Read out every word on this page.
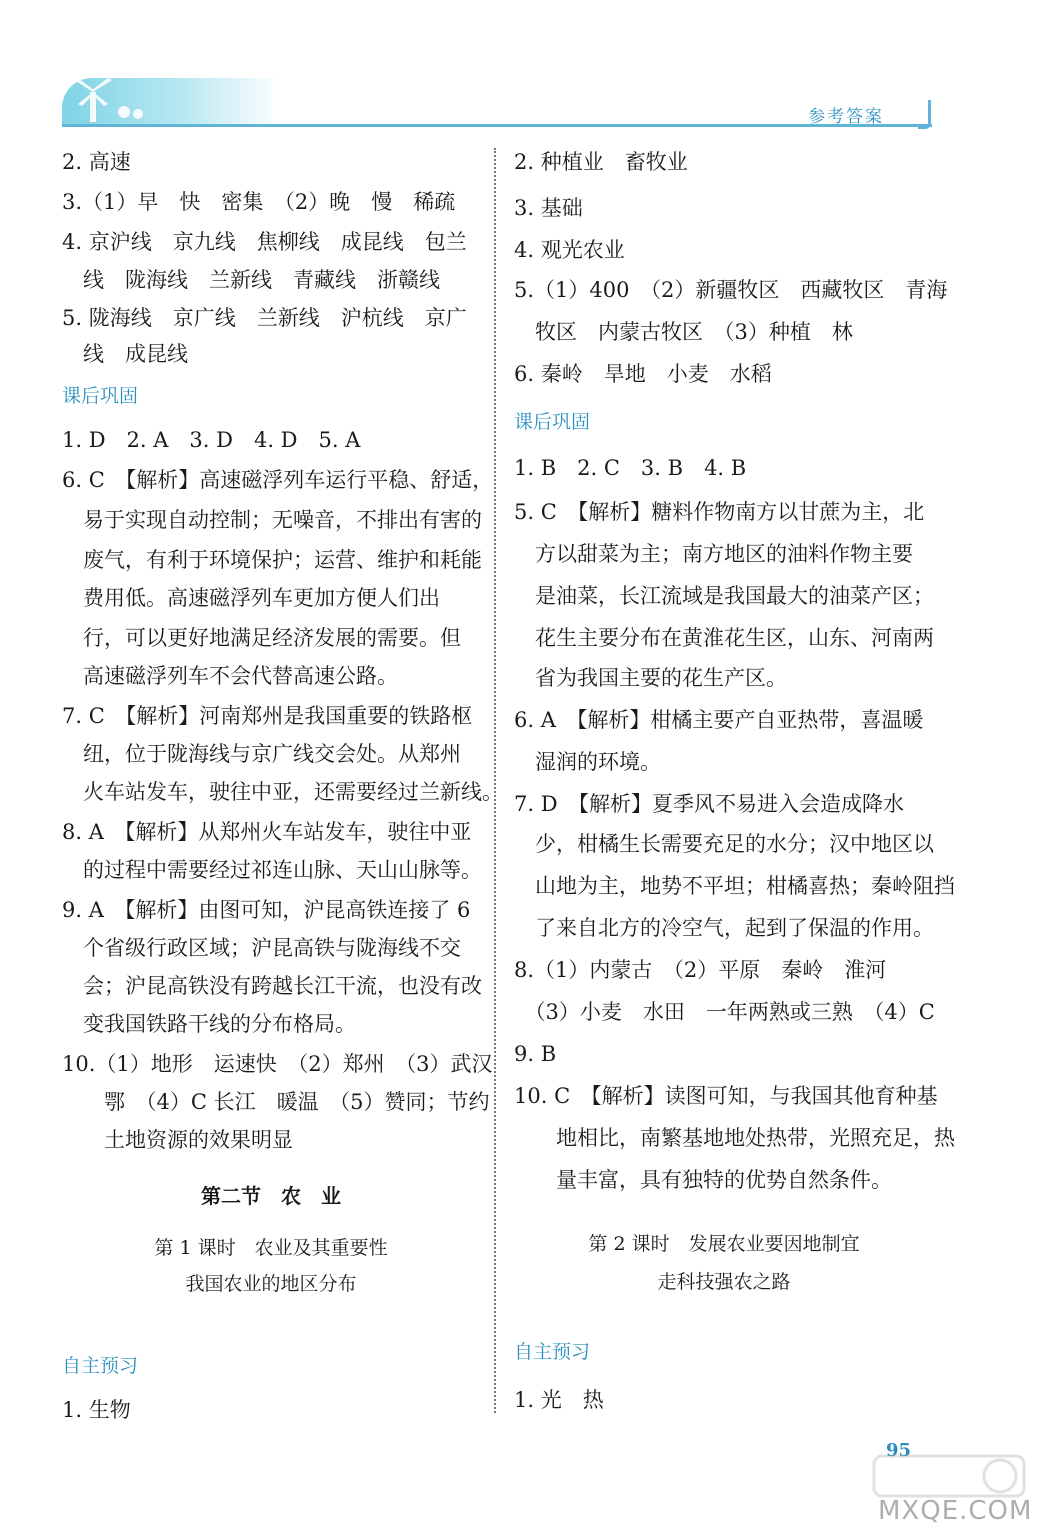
参考答案
2. 高速
3.（1）早　快　密集　（2）晚　慢　稀疏
4. 京沪线　京九线　焦柳线　成昆线　包兰
　线　陇海线　兰新线　青藏线　浙赣线
5. 陇海线　京广线　兰新线　沪杭线　京广
　线　成昆线
课后巩固
1. D　2. A　3. D　4. D　5. A
6. C　【解析】高速磁浮列车运行平稳、舒适，
　易于实现自动控制；无噪音，不排出有害的
　废气，有利于环境保护；运营、维护和耗能
　费用低。高速磁浮列车更加方便人们出
　行，可以更好地满足经济发展的需要。但
　高速磁浮列车不会代替高速公路。
7. C　【解析】河南郑州是我国重要的铁路枢
　纽，位于陇海线与京广线交会处。从郑州
　火车站发车，驶往中亚，还需要经过兰新线。
8. A　【解析】从郑州火车站发车，驶往中亚
　的过程中需要经过祁连山脉、天山山脉等。
9. A　【解析】由图可知，沪昆高铁连接了 6
　个省级行政区域；沪昆高铁与陇海线不交
　会；沪昆高铁没有跨越长江干流，也没有改
　变我国铁路干线的分布格局。
10.（1）地形　运速快　（2）郑州　（3）武汉
　　鄂　（4）C 长江　暖温　（5）赞同；节约
　　土地资源的效果明显
第二节　农　业
第 1 课时　农业及其重要性
我国农业的地区分布
自主预习
1. 生物
2. 种植业　畜牧业
3. 基础
4. 观光农业
5.（1）400　（2）新疆牧区　西藏牧区　青海
　牧区　内蒙古牧区　（3）种植　林
6. 秦岭　旱地　小麦　水稻
课后巩固
1. B　2. C　3. B　4. B
5. C　【解析】糖料作物南方以甘蔗为主，北
　方以甜菜为主；南方地区的油料作物主要
　是油菜，长江流域是我国最大的油菜产区；
　花生主要分布在黄淮花生区，山东、河南两
　省为我国主要的花生产区。
6. A　【解析】柑橘主要产自亚热带，喜温暖
　湿润的环境。
7. D　【解析】夏季风不易进入会造成降水
　少，柑橘生长需要充足的水分；汉中地区以
　山地为主，地势不平坦；柑橘喜热；秦岭阻挡
　了来自北方的冷空气，起到了保温的作用。
8.（1）内蒙古　（2）平原　秦岭　淮河
　（3）小麦　水田　一年两熟或三熟　（4）C
9. B
10. C　【解析】读图可知，与我国其他育种基
　　地相比，南繁基地地处热带，光照充足，热
　　量丰富，具有独特的优势自然条件。
第 2 课时　发展农业要因地制宜
走科技强农之路
自主预习
1. 光　热
95
MXQE.COM
